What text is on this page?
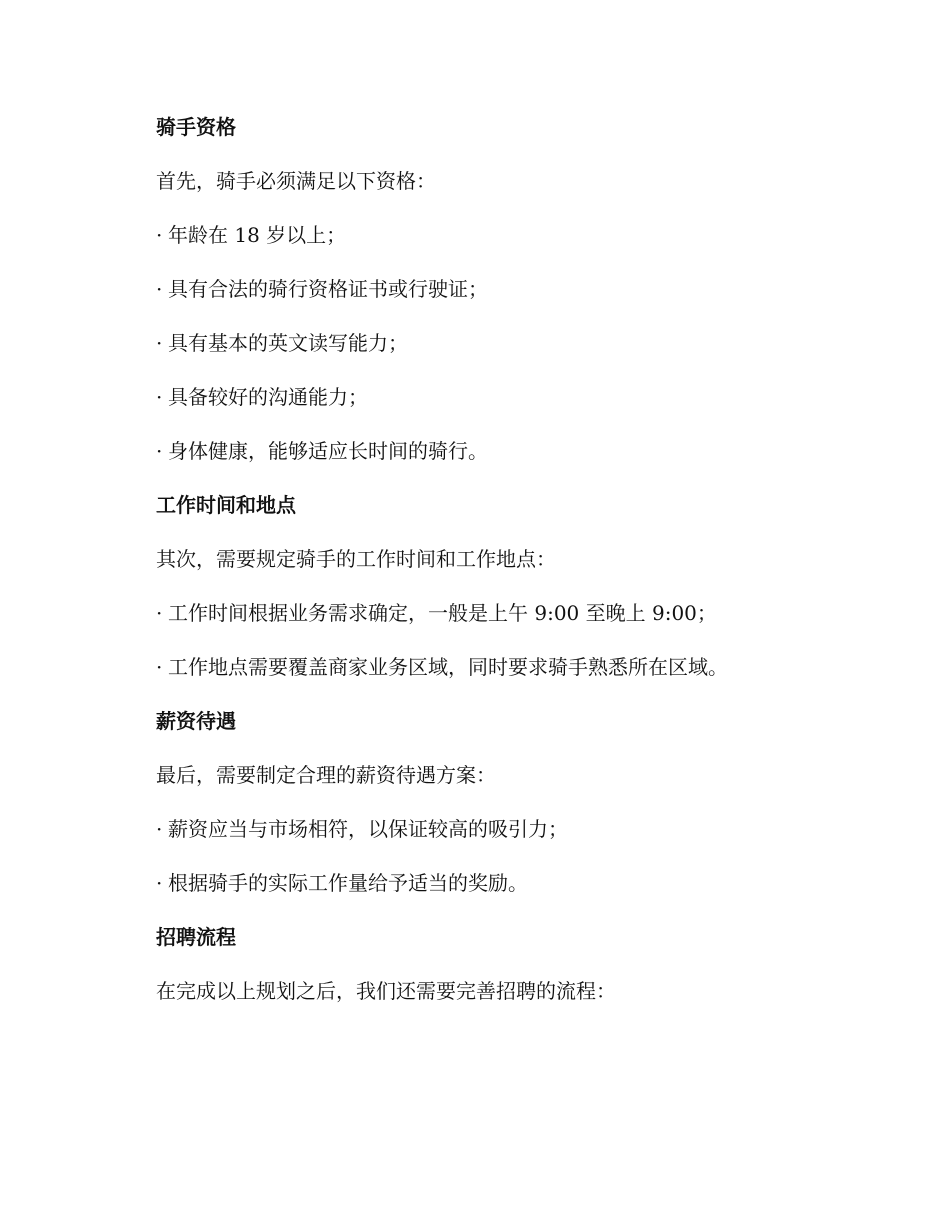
骑手资格
首先，骑手必须满足以下资格：
· 年龄在 18 岁以上；
· 具有合法的骑行资格证书或行驶证；
· 具有基本的英文读写能力；
· 具备较好的沟通能力；
· 身体健康，能够适应长时间的骑行。
工作时间和地点
其次，需要规定骑手的工作时间和工作地点：
· 工作时间根据业务需求确定，一般是上午 9:00 至晚上 9:00；
· 工作地点需要覆盖商家业务区域，同时要求骑手熟悉所在区域。
薪资待遇
最后，需要制定合理的薪资待遇方案：
· 薪资应当与市场相符，以保证较高的吸引力；
· 根据骑手的实际工作量给予适当的奖励。
招聘流程
在完成以上规划之后，我们还需要完善招聘的流程：
